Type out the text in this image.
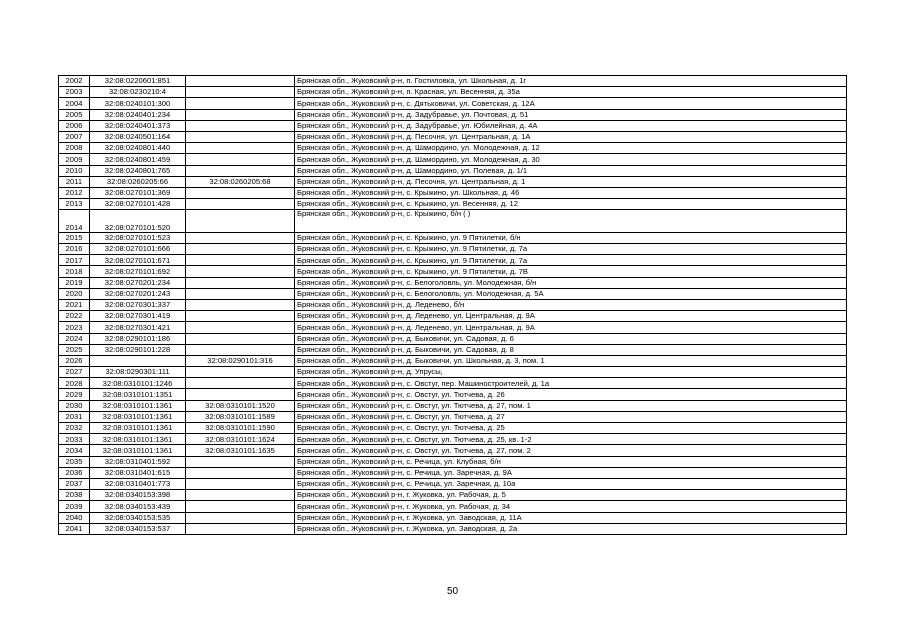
2002	32:08:0220601:851		Брянская обл., Жуковский р-н, п. Гостиловка, ул. Школьная, д. 1г
2003	32:08:0230210:4		Брянская обл., Жуковский р-н, п. Красная, ул. Весенняя, д. 35а
2004	32:08:0240101:300		Брянская обл., Жуковский р-н, с. Дятьковичи, ул. Советская, д. 12А
2005	32:08:0240401:234		Брянская обл., Жуковский р-н, д. Задубравье, ул. Почтовая, д. 51
2006	32:08:0240401:373		Брянская обл., Жуковский р-н, д. Задубравье, ул. Юбилейная, д. 4А
2007	32:08:0240501:164		Брянская обл., Жуковский р-н, д. Песочня, ул. Центральная, д. 1А
2008	32:08:0240801:440		Брянская обл., Жуковский р-н, д. Шамордино, ул. Молодежная, д. 12
2009	32:08:0240801:459		Брянская обл., Жуковский р-н, д. Шамордино, ул. Молодежная, д. 30
2010	32:08:0240801:765		Брянская обл., Жуковский р-н, д. Шамордино, ул. Полевая, д. 1/1
2011	32:08:0260205:66	32:08:0260205:68	Брянская обл., Жуковский р-н, д. Песочня, ул. Центральная, д. 1
2012	32:08:0270101:369		Брянская обл., Жуковский р-н, с. Крыжино, ул. Школьная, д. 46
2013	32:08:0270101:428		Брянская обл., Жуковский р-н, с. Крыжино, ул. Весенняя, д. 12
2014	32:08:0270101:520		Брянская обл., Жуковский р-н, с. Крыжино, б/н ( )
2015	32:08:0270101:523		Брянская обл., Жуковский р-н, с. Крыжино, ул. 9 Пятилетки, б/н
2016	32:08:0270101:666		Брянская обл., Жуковский р-н, с. Крыжино, ул. 9 Пятилетки, д. 7а
2017	32:08:0270101:671		Брянская обл., Жуковский р-н, с. Крыжино, ул. 9 Пятилетки, д. 7а
2018	32:08:0270101:692		Брянская обл., Жуковский р-н, с. Крыжино, ул. 9 Пятилетки, д. 7В
2019	32:08:0270201:234		Брянская обл., Жуковский р-н, с. Белоголовль, ул. Молодежная, б/н
2020	32:08:0270201:243		Брянская обл., Жуковский р-н, с. Белоголовль, ул. Молодежная, д. 5А
2021	32:08:0270301:337		Брянская обл., Жуковский р-н, д. Леденево, б/н
2022	32:08:0270301:419		Брянская обл., Жуковский р-н, д. Леденево, ул. Центральная, д. 9А
2023	32:08:0270301:421		Брянская обл., Жуковский р-н, д. Леденево, ул. Центральная, д. 9А
2024	32:08:0290101:186		Брянская обл., Жуковский р-н, д. Быковичи, ул. Садовая, д. 6
2025	32:08:0290101:228		Брянская обл., Жуковский р-н, д. Быковичи, ул. Садовая, д. 8
2026		32:08:0290101:316	Брянская обл., Жуковский р-н, д. Быковичи, ул. Школьная, д. 3, пом. 1
2027	32:08:0290301:111		Брянская обл., Жуковский р-н, д. Упрусы,
2028	32:08:0310101:1246		Брянская обл., Жуковский р-н, с. Овстуг, пер. Машиностроителей, д. 1а
2029	32:08:0310101:1351		Брянская обл., Жуковский р-н, с. Овстуг, ул. Тютчева, д. 26
2030	32:08:0310101:1361	32:08:0310101:1520	Брянская обл., Жуковский р-н, с. Овстуг, ул. Тютчева, д. 27, пом. 1
2031	32:08:0310101:1361	32:08:0310101:1589	Брянская обл., Жуковский р-н, с. Овстуг, ул. Тютчева, д. 27
2032	32:08:0310101:1361	32:08:0310101:1590	Брянская обл., Жуковский р-н, с. Овстуг, ул. Тютчева, д. 25
2033	32:08:0310101:1361	32:08:0310101:1624	Брянская обл., Жуковский р-н, с. Овстуг, ул. Тютчева, д. 25, кв. 1-2
2034	32:08:0310101:1361	32:08:0310101:1635	Брянская обл., Жуковский р-н, с. Овстуг, ул. Тютчева, д. 27, пом. 2
2035	32:08:0310401:592		Брянская обл., Жуковский р-н, с. Речица, ул. Клубная, б/н
2036	32:08:0310401:615		Брянская обл., Жуковский р-н, с. Речица, ул. Заречная, д. 9А
2037	32:08:0310401:773		Брянская обл., Жуковский р-н, с. Речица, ул. Заречная, д. 10а
2038	32:08:0340153:398		Брянская обл., Жуковский р-н, г. Жуковка, ул. Рабочая, д. 5
2039	32:08:0340153:439		Брянская обл., Жуковский р-н, г. Жуковка, ул. Рабочая, д. 34
2040	32:08:0340153:535		Брянская обл., Жуковский р-н, г. Жуковка, ул. Заводская, д. 11А
2041	32:08:0340153:537		Брянская обл., Жуковский р-н, г. Жуковка, ул. Заводская, д. 2а
50
